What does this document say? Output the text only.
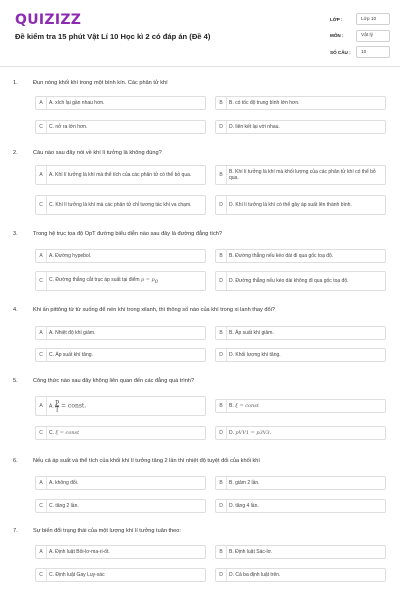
QUIZIZZ
Đề kiểm tra 15 phút Vật Lí 10 Học kì 2 có đáp án (Đề 4)
LỚP :	Lớp 10
MÔN :	Vật lý
SỐ CÂU :	10
1.	Đun nóng khối khí trong một bình kín. Các phân tử khí
A	A. xích lại gần nhau hơn.	B	B. có tốc độ trung bình lớn hơn.
C	C. nở ra lớn hơn.	D	D. liên kết lại với nhau.
2.	Câu nào sau đây nói về khí lí tưởng là không đúng?
A	A. Khí lí tưởng là khí mà thể tích của các phân tử có thể bỏ qua.	B	B. Khí lí tưởng là khí mà khối lượng của các phân tử khí có thể bỏ qua.
C	C. Khí lí tưởng là khí mà các phân tử chỉ tương tác khi va chạm.	D	D. Khí lí tưởng là khí có thể gây áp suất lên thành bình.
3.	Trong hệ trục tọa độ OpT đường biểu diễn nào sau đây là đường đẳng tích?
A	A. Đường hypebol.	B	B. Đường thẳng nếu kéo dài đi qua gốc toạ độ.
C	C. Đường thẳng cắt trục áp suất tại điểm $p = p_0$	D	D. Đường thẳng nếu kéo dài không đi qua gốc toạ độ.
4.	Khi ấn pittông từ từ xuống để nén khí trong xilanh, thì thông số nào của khí trong xi lanh thay đổi?
A	A. Nhiệt độ khí giảm.	B	B. Áp suất khí giảm.
C	C. Áp suất khí tăng.	D	D. Khối lượng khí tăng.
5.	Công thức nào sau đây không liên quan đến các đẳng quá trình?
A	A. $\frac{p}{T}$ = const.	B	B. ξ = const
C	C. ξ = const	D	D. pVV1 = p3V3.
6.	Nếu cả áp suất và thể tích của khối khí lí tưởng tăng 2 lần thì nhiệt độ tuyệt đối của khối khí
A	A. không đổi.	B	B. giảm 2 lần.
C	C. tăng 2 lần.	D	D. tăng 4 lần.
7.	Sự biến đổi trạng thái của một lượng khí lí tưởng tuân theo:
A	A. Định luật Bôi-lơ-ma-ri-ốt.	B	B. Định luật Sác-lơ.
C	C. Định luật Gay Luy-xác	D	D. Cả ba định luật trên.
